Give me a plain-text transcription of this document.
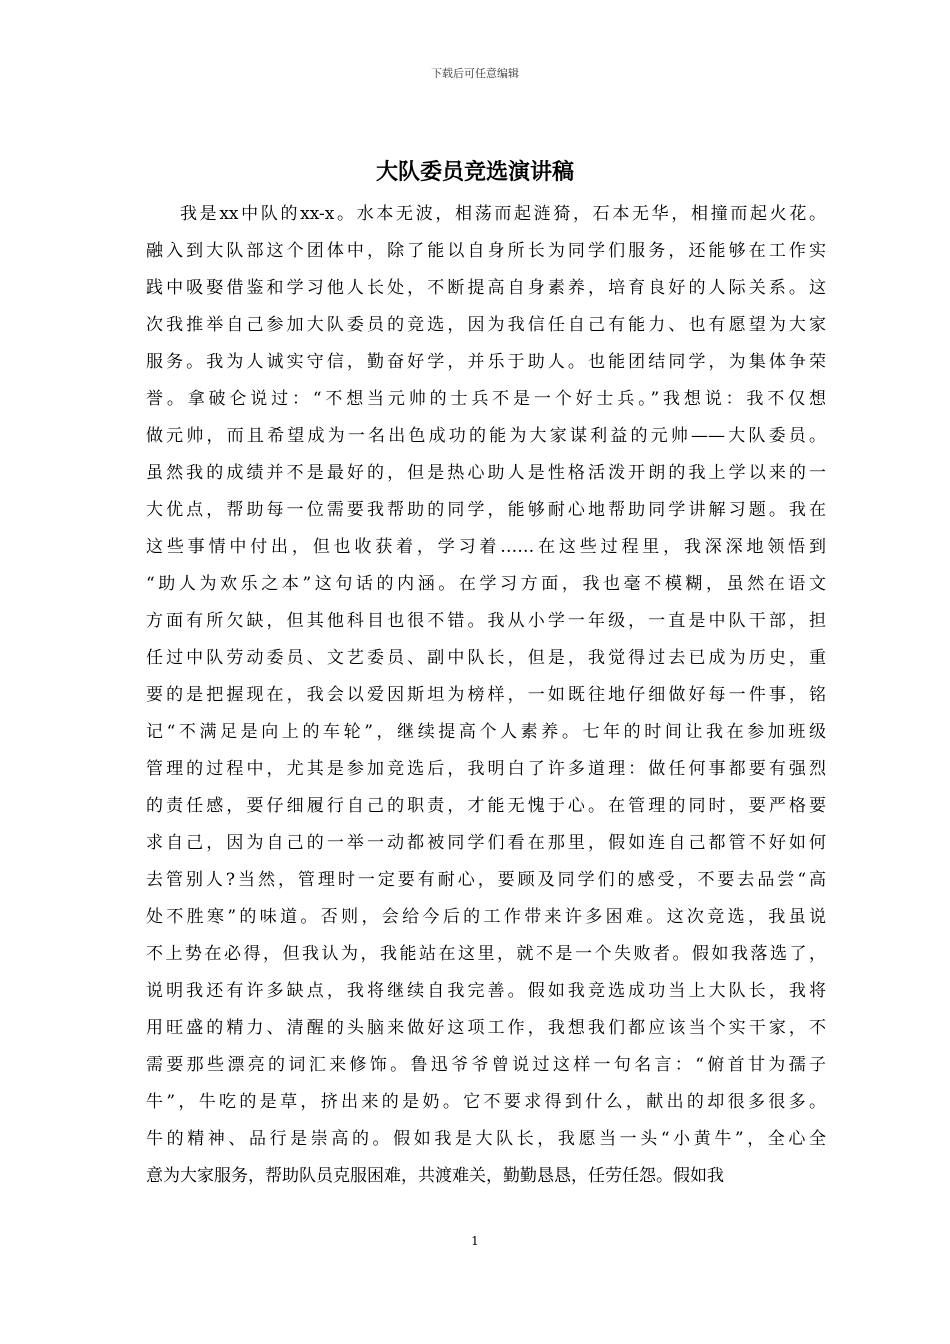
下载后可任意编辑
大队委员竞选演讲稿
我是xx中队的xx-x。水本无波，相荡而起涟猗，石本无华，相撞而起火花。
融入到大队部这个团体中，除了能以自身所长为同学们服务，还能够在工作实
践中吸娶借鉴和学习他人长处，不断提高自身素养，培育良好的人际关系。这
次我推举自己参加大队委员的竞选，因为我信任自己有能力、也有愿望为大家
服务。我为人诚实守信，勤奋好学，并乐于助人。也能团结同学，为集体争荣
誉。拿破仑说过：“不想当元帅的士兵不是一个好士兵。”我想说：我不仅想
做元帅，而且希望成为一名出色成功的能为大家谋利益的元帅——大队委员。
虽然我的成绩并不是最好的，但是热心助人是性格活泼开朗的我上学以来的一
大优点，帮助每一位需要我帮助的同学，能够耐心地帮助同学讲解习题。我在
这些事情中付出，但也收获着，学习着……在这些过程里，我深深地领悟到
“助人为欢乐之本”这句话的内涵。在学习方面，我也毫不模糊，虽然在语文
方面有所欠缺，但其他科目也很不错。我从小学一年级，一直是中队干部，担
任过中队劳动委员、文艺委员、副中队长，但是，我觉得过去已成为历史，重
要的是把握现在，我会以爱因斯坦为榜样，一如既往地仔细做好每一件事，铭
记“不满足是向上的车轮”，继续提高个人素养。七年的时间让我在参加班级
管理的过程中，尤其是参加竞选后，我明白了许多道理：做任何事都要有强烈
的责任感，要仔细履行自己的职责，才能无愧于心。在管理的同时，要严格要
求自己，因为自己的一举一动都被同学们看在那里，假如连自己都管不好如何
去管别人?当然，管理时一定要有耐心，要顾及同学们的感受，不要去品尝“高
处不胜寒”的味道。否则，会给今后的工作带来许多困难。这次竞选，我虽说
不上势在必得，但我认为，我能站在这里，就不是一个失败者。假如我落选了，
说明我还有许多缺点，我将继续自我完善。假如我竞选成功当上大队长，我将
用旺盛的精力、清醒的头脑来做好这项工作，我想我们都应该当个实干家，不
需要那些漂亮的词汇来修饰。鲁迅爷爷曾说过这样一句名言：“俯首甘为孺子
牛”，牛吃的是草，挤出来的是奶。它不要求得到什么，献出的却很多很多。
牛的精神、品行是崇高的。假如我是大队长，我愿当一头“小黄牛”，全心全
意为大家服务，帮助队员克服困难，共渡难关，勤勤恳恳，任劳任怨。假如我
1
